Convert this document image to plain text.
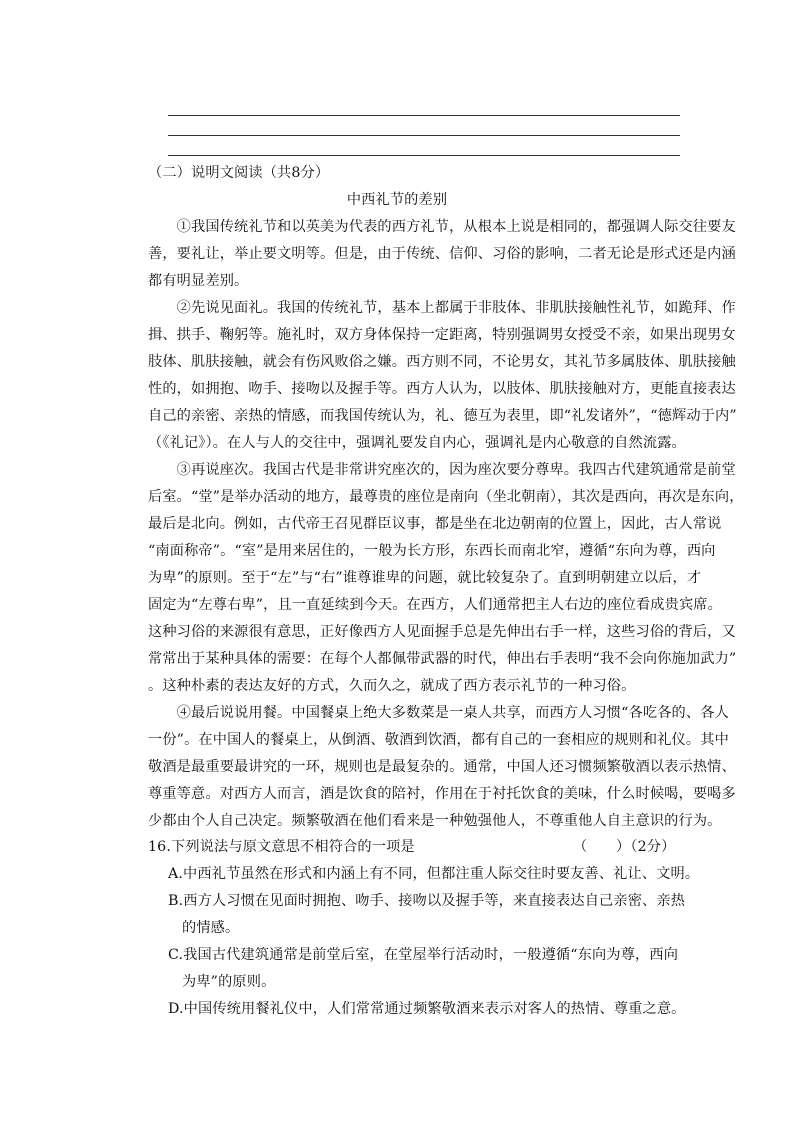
（二）说明文阅读（共8分）
中西礼节的差别
　　①我国传统礼节和以英美为代表的西方礼节，从根本上说是相同的，都强调人际交往要友
善，要礼让，举止要文明等。但是，由于传统、信仰、习俗的影响，二者无论是形式还是内涵
都有明显差别。
　　②先说见面礼。我国的传统礼节，基本上都属于非肢体、非肌肤接触性礼节，如跪拜、作
揖、拱手、鞠躬等。施礼时，双方身体保持一定距离，特别强调男女授受不亲，如果出现男女
肢体、肌肤接触，就会有伤风败俗之嫌。西方则不同，不论男女，其礼节多属肢体、肌肤接触
性的，如拥抱、吻手、接吻以及握手等。西方人认为，以肢体、肌肤接触对方，更能直接表达
自己的亲密、亲热的情感，而我国传统认为，礼、德互为表里，即“礼发诸外”，“德辉动于内”
（《礼记》）。在人与人的交往中，强调礼要发自内心，强调礼是内心敬意的自然流露。
　　③再说座次。我国古代是非常讲究座次的，因为座次要分尊卑。我四古代建筑通常是前堂
后室。“堂”是举办活动的地方，最尊贵的座位是南向（坐北朝南），其次是西向，再次是东向，
最后是北向。例如，古代帝王召见群臣议事，都是坐在北边朝南的位置上，因此，古人常说
“南面称帝”。“室”是用来居住的，一般为长方形，东西长而南北窄，遵循“东向为尊，西向
为卑”的原则。至于“左”与“右”谁尊谁卑的问题，就比较复杂了。直到明朝建立以后，才
固定为“左尊右卑”，且一直延续到今天。在西方，人们通常把主人右边的座位看成贵宾席。
这种习俗的来源很有意思，正好像西方人见面握手总是先伸出右手一样，这些习俗的背后，又
常常出于某种具体的需要：在每个人都佩带武器的时代，伸出右手表明“我不会向你施加武力”
。这种朴素的表达友好的方式，久而久之，就成了西方表示礼节的一种习俗。
　　④最后说说用餐。中国餐桌上绝大多数菜是一桌人共享，而西方人习惯“各吃各的、各人
一份”。在中国人的餐桌上，从倒酒、敬酒到饮酒，都有自己的一套相应的规则和礼仪。其中
敬酒是最重要最讲究的一环，规则也是最复杂的。通常，中国人还习惯频繁敬酒以表示热情、
尊重等意。对西方人而言，酒是饮食的陪衬，作用在于衬托饮食的美味，什么时候喝，要喝多
少都由个人自己决定。频繁敬酒在他们看来是一种勉强他人，不尊重他人自主意识的行为。
16.下列说法与原文意思不相符合的一项是	（　　）（2分）
A.中西礼节虽然在形式和内涵上有不同，但都注重人际交往时要友善、礼让、文明。
B.西方人习惯在见面时拥抱、吻手、接吻以及握手等，来直接表达自己亲密、亲热
的情感。
C.我国古代建筑通常是前堂后室，在堂屋举行活动时，一般遵循“东向为尊，西向
为卑”的原则。
D.中国传统用餐礼仪中，人们常常通过频繁敬酒来表示对客人的热情、尊重之意。
